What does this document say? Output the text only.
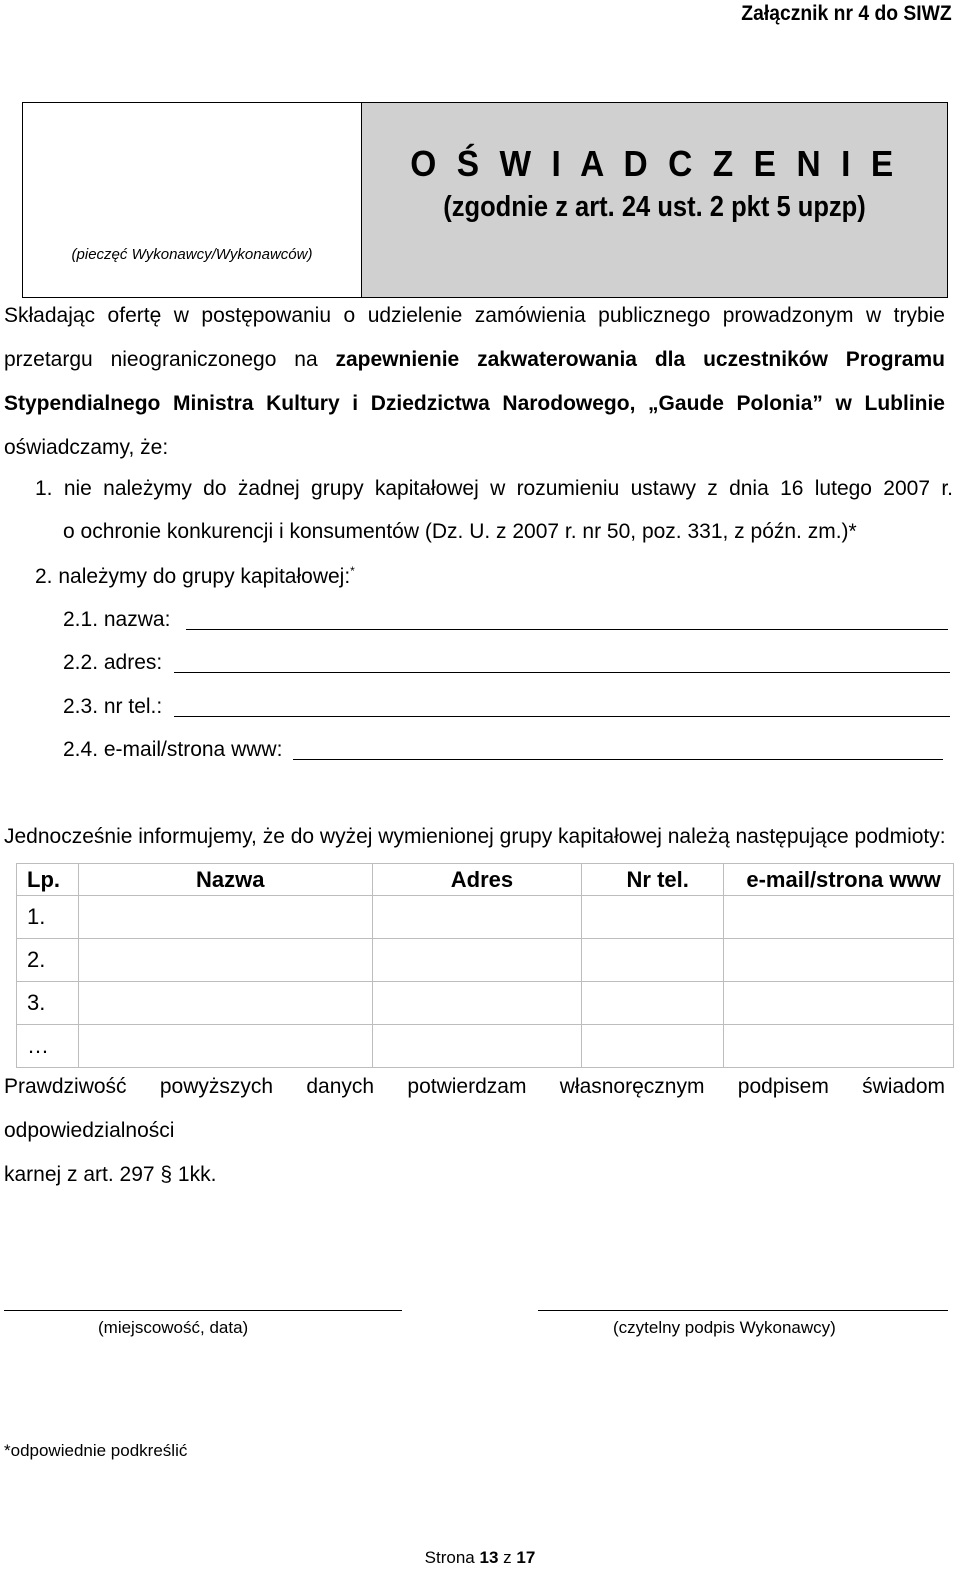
Załącznik nr 4 do SIWZ
(pieczęć Wykonawcy/Wykonawców)
O Ś W I A D C Z E N I E
(zgodnie z art. 24 ust. 2 pkt 5 upzp)
Składając ofertę w postępowaniu o udzielenie zamówienia publicznego prowadzonym w trybie
przetargu nieograniczonego na zapewnienie zakwaterowania dla uczestników Programu
Stypendialnego Ministra Kultury i Dziedzictwa Narodowego, „Gaude Polonia” w Lublinie
oświadczamy, że:
1. nie należymy do żadnej grupy kapitałowej w rozumieniu ustawy z dnia 16 lutego 2007 r.
o ochronie konkurencji i konsumentów (Dz. U. z 2007 r. nr 50, poz. 331, z późn. zm.)*
2. należymy do grupy kapitałowej:*
2.1. nazwa:
2.2. adres:
2.3. nr tel.:
2.4. e-mail/strona www:
Jednocześnie informujemy, że do wyżej wymienionej grupy kapitałowej należą następujące podmioty:
Lp.	Nazwa	Adres	Nr tel.	e-mail/strona www
1.				
2.				
3.				
…				
Prawdziwość powyższych danych potwierdzam własnoręcznym podpisem świadom odpowiedzialności
karnej z art. 297 § 1kk.
(miejscowość, data)	(czytelny podpis Wykonawcy)
*odpowiednie podkreślić
Strona 13 z 17
